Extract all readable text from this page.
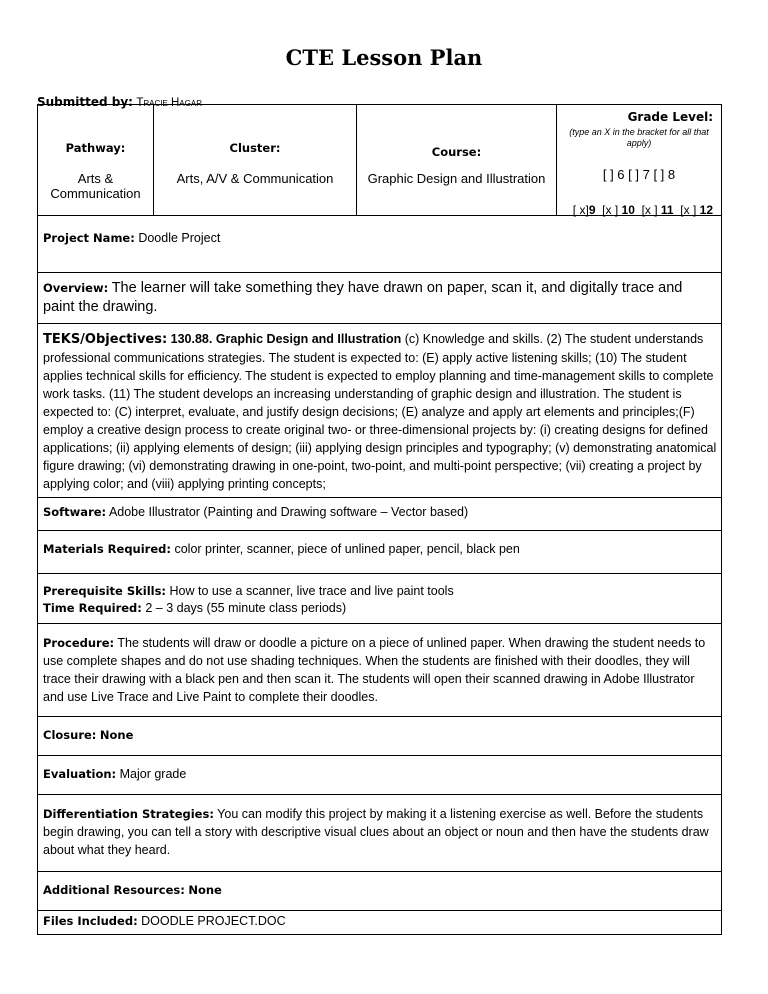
CTE Lesson Plan
Submitted by: Tracie Hagar
Pathway:
Arts & Communication

Cluster:
Arts, A/V & Communication

Course:
Graphic Design and Illustration

Grade Level:
(type an X in the bracket for all that apply)
[ ] 6 [ ] 7 [ ] 8
[ x]9 [x ] 10 [x ] 11 [x ] 12

Project Name: Doodle Project
Overview: The learner will take something they have drawn on paper, scan it, and digitally trace and paint the drawing.
TEKS/Objectives: 130.88. Graphic Design and Illustration (c) Knowledge and skills. (2) The student understands professional communications strategies. The student is expected to: (E) apply active listening skills; (10) The student applies technical skills for efficiency. The student is expected to employ planning and time-management skills to complete work tasks. (11) The student develops an increasing understanding of graphic design and illustration. The student is expected to: (C) interpret, evaluate, and justify design decisions; (E) analyze and apply art elements and principles;(F) employ a creative design process to create original two- or three-dimensional projects by: (i) creating designs for defined applications; (ii) applying elements of design; (iii) applying design principles and typography; (v) demonstrating anatomical figure drawing; (vi) demonstrating drawing in one-point, two-point, and multi-point perspective; (vii) creating a project by applying color; and (viii) applying printing concepts;
Software: Adobe Illustrator (Painting and Drawing software – Vector based)
Materials Required: color printer, scanner, piece of unlined paper, pencil, black pen

Prerequisite Skills: How to use a scanner, live trace and live paint tools
Time Required: 2 – 3 days (55 minute class periods)

Procedure: The students will draw or doodle a picture on a piece of unlined paper. When drawing the student needs to use complete shapes and do not use shading techniques. When the students are finished with their doodles, they will trace their drawing with a black pen and then scan it. The students will open their scanned drawing in Adobe Illustrator and use Live Trace and Live Paint to complete their doodles.
Closure: None
Evaluation: Major grade
Differentiation Strategies: You can modify this project by making it a listening exercise as well. Before the students begin drawing, you can tell a story with descriptive visual clues about an object or noun and then have the students draw about what they heard.
Additional Resources: None
Files Included: DOODLE PROJECT.DOC
